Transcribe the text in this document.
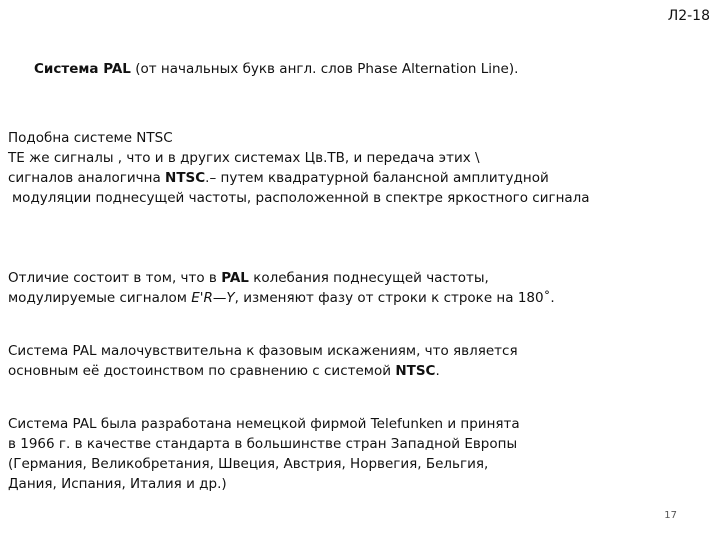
Л2-18
Система PAL (от начальных букв англ. слов Phase Alternation Line).
Подобна системе NTSC
ТЕ же сигналы , что и в других системах Цв.ТВ, и передача этих \
сигналов аналогична NTSC.– путем квадратурной балансной амплитудной
модуляции поднесущей частоты, расположенной в спектре яркостного сигнала
Отличие состоит в том, что в PAL колебания поднесущей частоты,
модулируемые сигналом E'R—Y, изменяют фазу от строки к строке на 180˚.
Система PAL малочувствительна к фазовым искажениям, что является
основным её достоинством по сравнению с системой NTSC.
Система PAL была разработана немецкой фирмой Telefunken и принята
в 1966 г. в качестве стандарта в большинстве стран Западной Европы
(Германия, Великобретания, Швеция, Австрия, Норвегия, Бельгия,
Дания, Испания, Италия и др.)
17
